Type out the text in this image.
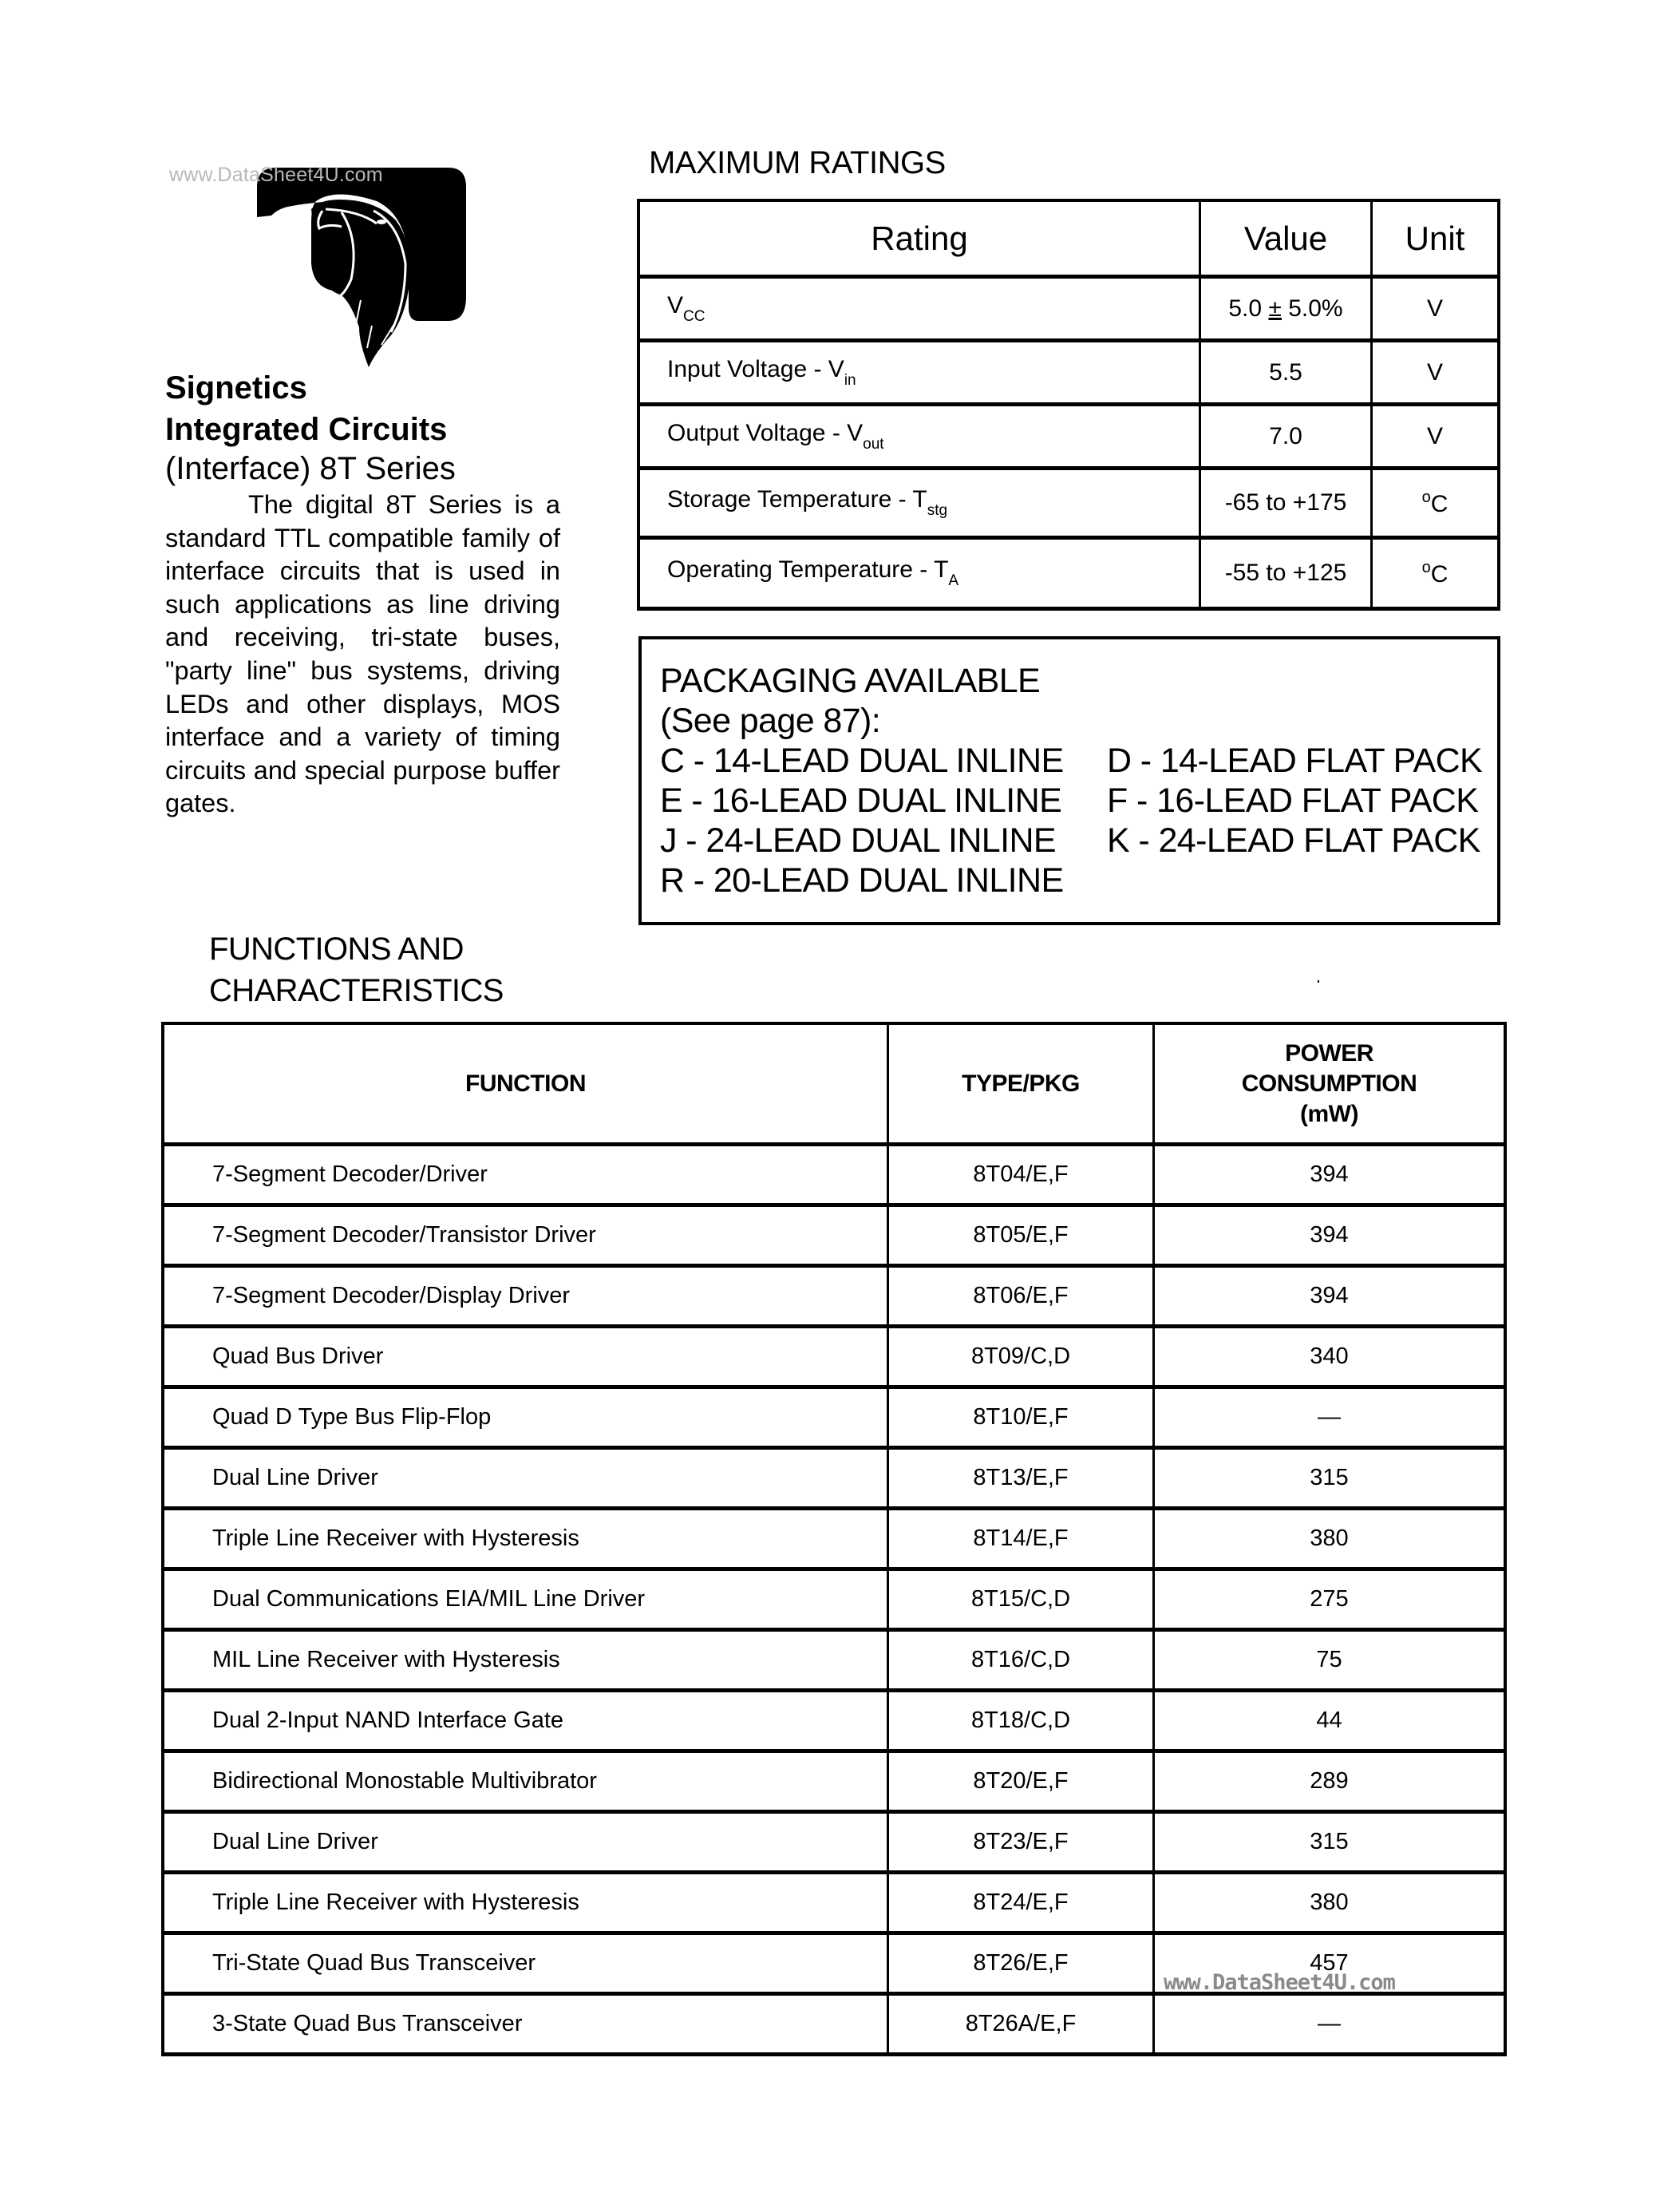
www.DataSheet4U.com
Signetics
Integrated Circuits
(Interface) 8T Series
The digital 8T Series is a standard TTL compatible family of interface circuits that is used in such applications as line driving and receiving, tri-state buses, "party line" bus systems, driving LEDs and other displays, MOS interface and a variety of timing circuits and special purpose buffer gates.
MAXIMUM RATINGS
Rating	Value	Unit
$V_{CC}$	5.0 ± 5.0%	V
Input Voltage - $V_{in}$	5.5	V
Output Voltage - $V_{out}$	7.0	V
Storage Temperature - $T_{stg}$	-65 to +175	$^o$C
Operating Temperature - $T_A$	-55 to +125	$^o$C
PACKAGING AVAILABLE
(See page 87):
C - 14-LEAD DUAL INLINE	D - 14-LEAD FLAT PACK
E - 16-LEAD DUAL INLINE	F - 16-LEAD FLAT PACK
J - 24-LEAD DUAL INLINE	K - 24-LEAD FLAT PACK
R - 20-LEAD DUAL INLINE
FUNCTIONS AND
CHARACTERISTICS
FUNCTION	TYPE/PKG	POWER
CONSUMPTION
(mW)

7-Segment Decoder/Driver	8T04/E,F	394
7-Segment Decoder/Transistor Driver	8T05/E,F	394
7-Segment Decoder/Display Driver	8T06/E,F	394
Quad Bus Driver	8T09/C,D	340
Quad D Type Bus Flip-Flop	8T10/E,F	—
Dual Line Driver	8T13/E,F	315
Triple Line Receiver with Hysteresis	8T14/E,F	380
Dual Communications EIA/MIL Line Driver	8T15/C,D	275
MIL Line Receiver with Hysteresis	8T16/C,D	75
Dual 2-Input NAND Interface Gate	8T18/C,D	44
Bidirectional Monostable Multivibrator	8T20/E,F	289
Dual Line Driver	8T23/E,F	315
Triple Line Receiver with Hysteresis	8T24/E,F	380
Tri-State Quad Bus Transceiver	8T26/E,F	457
3-State Quad Bus Transceiver	8T26A/E,F	—
www.DataSheet4U.com
